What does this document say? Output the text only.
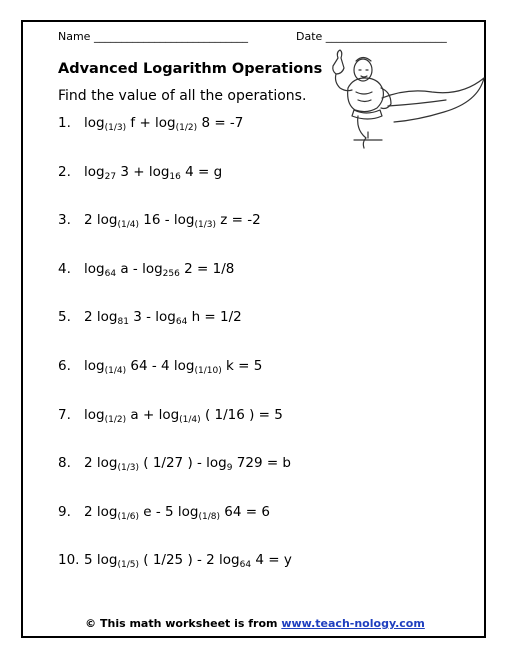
Name ____________________________	Date ______________________
Advanced Logarithm Operations
Find the value of all the operations.
1. $\log_{(1/3)} f + \log_{(1/2)} 8 = -7$
2. $\log_{27} 3 + \log_{16} 4 = g$
3. 2 $\log_{(1/4)} 16 - \log_{(1/3)} z = -2$
4. $\log_{64} a - \log_{256} 2 = 1/8$
5. 2 $\log_{81} 3 - \log_{64} h = 1/2$
6. $\log_{(1/4)} 64 - 4$ $\log_{(1/10)} k = 5$
7. $\log_{(1/2)} a + \log_{(1/4)}$ ( 1/16 ) = 5
8. 2 $\log_{(1/3)}$ ( 1/27 ) - $\log_9 729 = b$
9. 2 $\log_{(1/6)} e - 5$ $\log_{(1/8)} 64 = 6$
10. 5 $\log_{(1/5)}$ ( 1/25 ) - 2 $\log_{64} 4 = y$
© This math worksheet is from www.teach-nology.com
